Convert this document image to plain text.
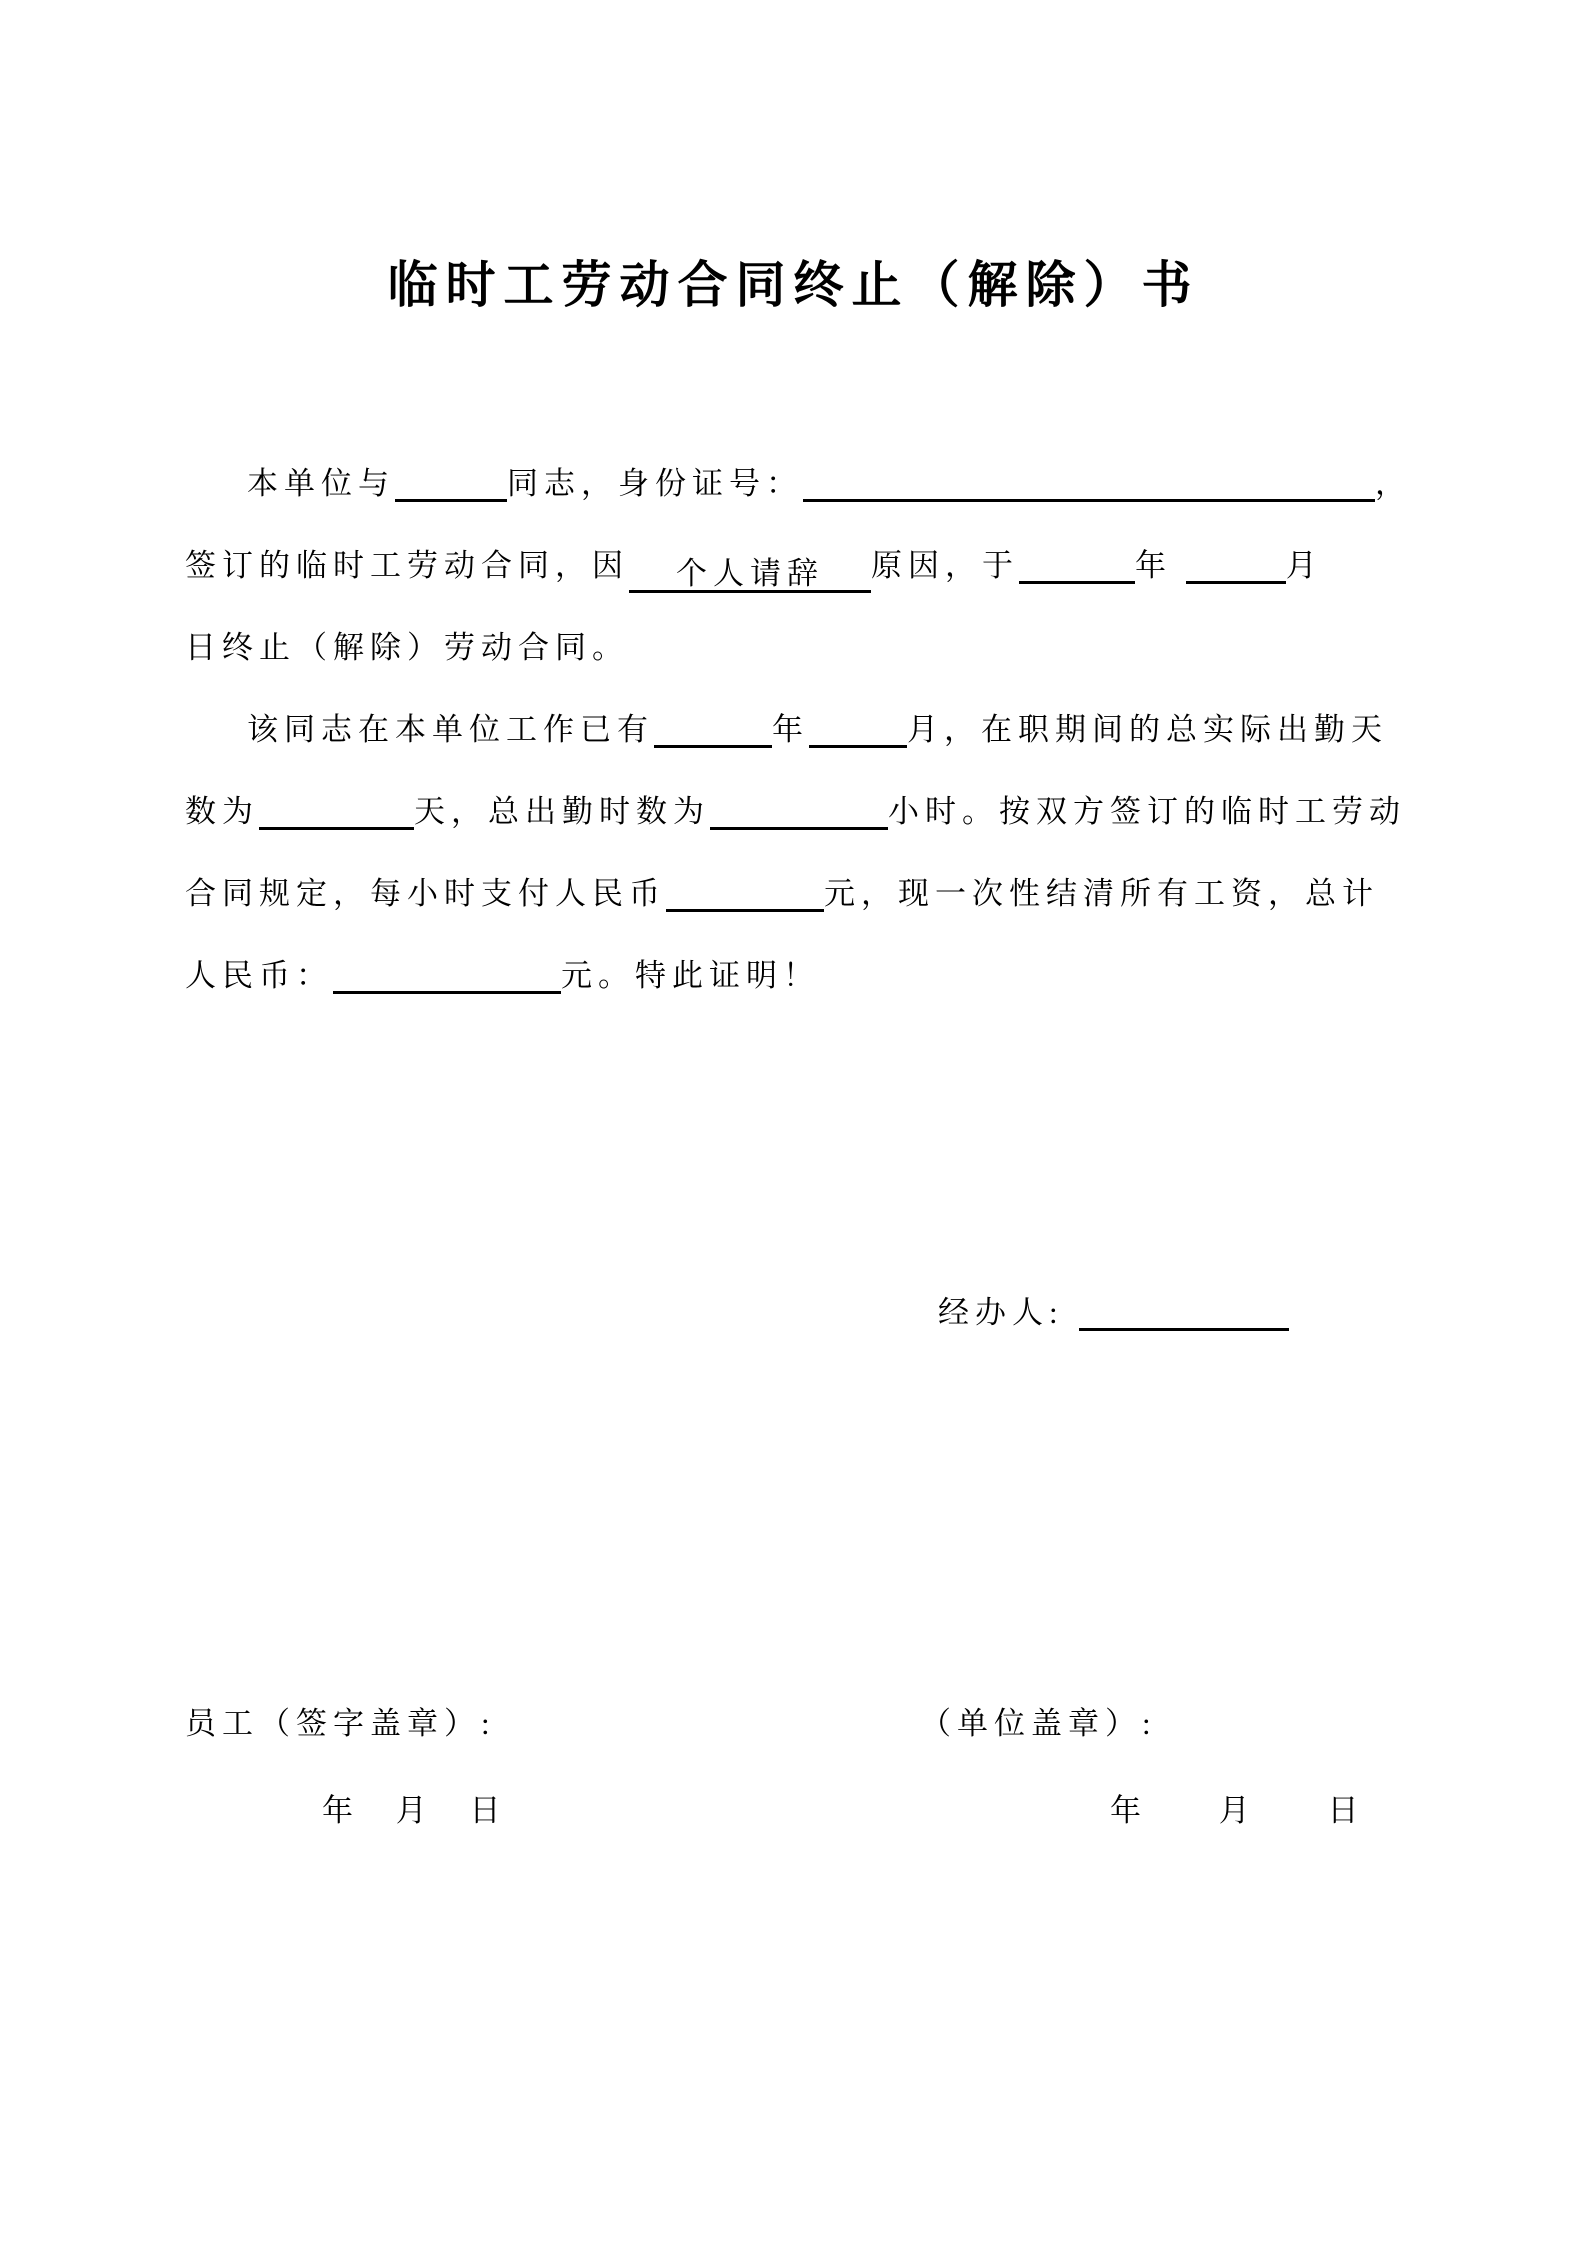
临时工劳动合同终止（解除）书
本单位与	同志，身份证号：	，
签订的临时工劳动合同，因 个人请辞 原因，于	年	月
日终止（解除）劳动合同。
该同志在本单位工作已有	年	月，在职期间的总实际出勤天
数为	天，总出勤时数为	小时。按双方签订的临时工劳动
合同规定，每小时支付人民币	元，现一次性结清所有工资，总计
人民币：	元。特此证明！
经办人:
员工（签字盖章）:	（单位盖章）:
年 月 日	年	月	日
